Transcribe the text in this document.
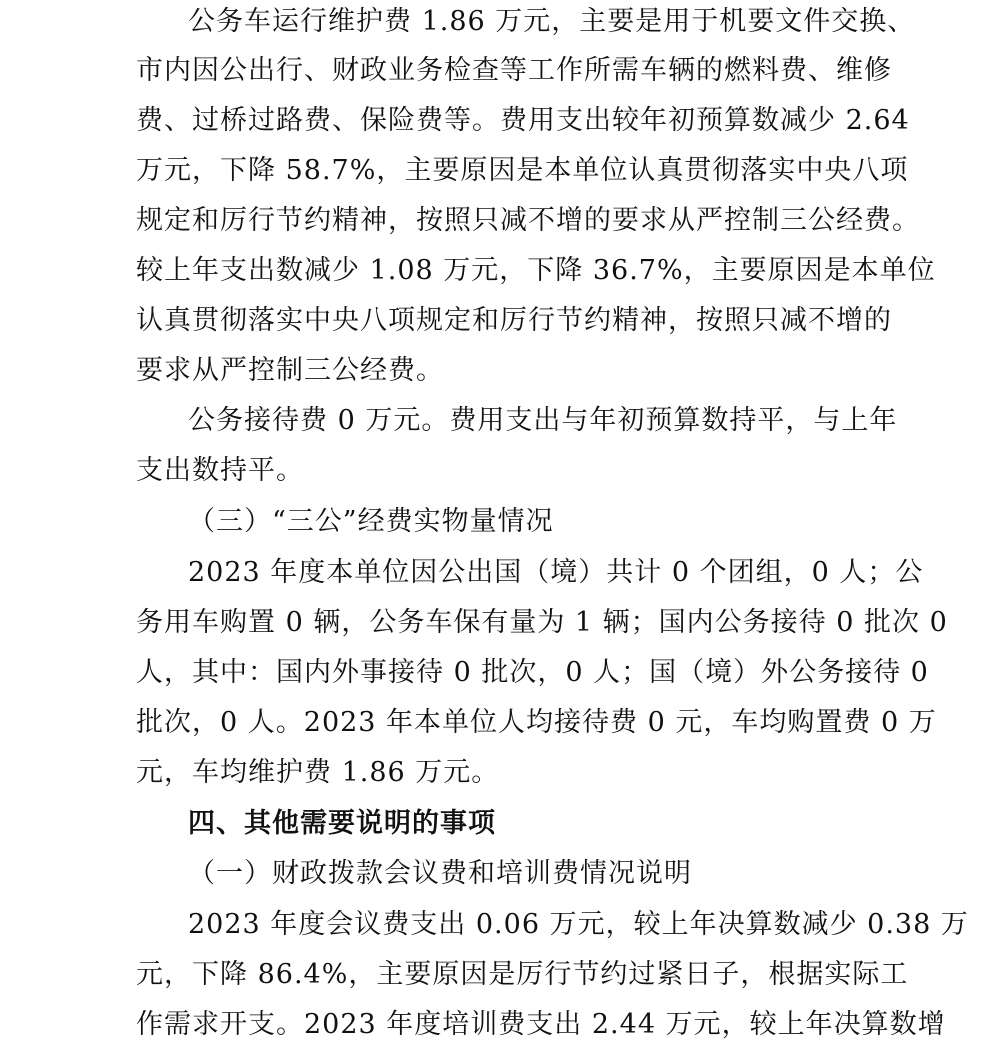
公务车运行维护费 1.86 万元，主要是用于机要文件交换、
市内因公出行、财政业务检查等工作所需车辆的燃料费、维修
费、过桥过路费、保险费等。费用支出较年初预算数减少 2.64
万元，下降 58.7%，主要原因是本单位认真贯彻落实中央八项
规定和厉行节约精神，按照只减不增的要求从严控制三公经费。
较上年支出数减少 1.08 万元，下降 36.7%，主要原因是本单位
认真贯彻落实中央八项规定和厉行节约精神，按照只减不增的
要求从严控制三公经费。
公务接待费 0 万元。费用支出与年初预算数持平，与上年
支出数持平。
（三）“三公”经费实物量情况
2023 年度本单位因公出国（境）共计 0 个团组，0 人；公
务用车购置 0 辆，公务车保有量为 1 辆；国内公务接待 0 批次 0
人，其中：国内外事接待 0 批次，0 人；国（境）外公务接待 0
批次，0 人。2023 年本单位人均接待费 0 元，车均购置费 0 万
元，车均维护费 1.86 万元。
四、其他需要说明的事项
（一）财政拨款会议费和培训费情况说明
2023 年度会议费支出 0.06 万元，较上年决算数减少 0.38 万
元，下降 86.4%，主要原因是厉行节约过紧日子，根据实际工
作需求开支。2023 年度培训费支出 2.44 万元，较上年决算数增
